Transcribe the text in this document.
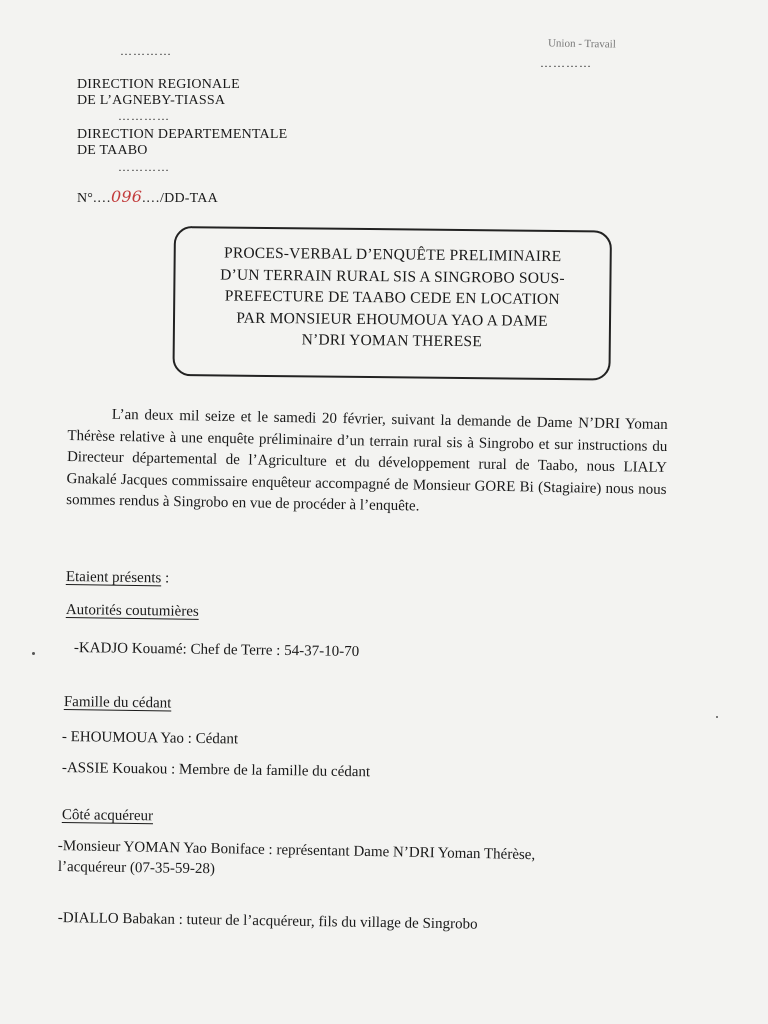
Union - Travail
…………
…………
DIRECTION REGIONALE
DE L’AGNEBY-TIASSA
…………
DIRECTION DEPARTEMENTALE
DE TAABO
…………
N°.…096.…/DD-TAA
PROCES-VERBAL D’ENQUÊTE PRELIMINAIRE
D’UN TERRAIN RURAL SIS A SINGROBO SOUS-
PREFECTURE DE TAABO CEDE EN LOCATION
PAR MONSIEUR EHOUMOUA YAO A DAME
N’DRI YOMAN THERESE
L’an deux mil seize et le samedi 20 février, suivant la demande de Dame N’DRI Yoman Thérèse relative à une enquête préliminaire d’un terrain rural sis à Singrobo et sur instructions du Directeur départemental de l’Agriculture et du développement rural de Taabo, nous LIALY Gnakalé Jacques commissaire enquêteur accompagné de Monsieur GORE Bi (Stagiaire) nous nous sommes rendus à Singrobo en vue de procéder à l’enquête.
Etaient présents :
Autorités coutumières
-KADJO Kouamé: Chef de Terre : 54-37-10-70
Famille du cédant
- EHOUMOUA Yao : Cédant
-ASSIE Kouakou : Membre de la famille du cédant
Côté acquéreur
-Monsieur YOMAN Yao Boniface : représentant Dame N’DRI Yoman Thérèse,
l’acquéreur (07-35-59-28)
-DIALLO Babakan : tuteur de l’acquéreur, fils du village de Singrobo
